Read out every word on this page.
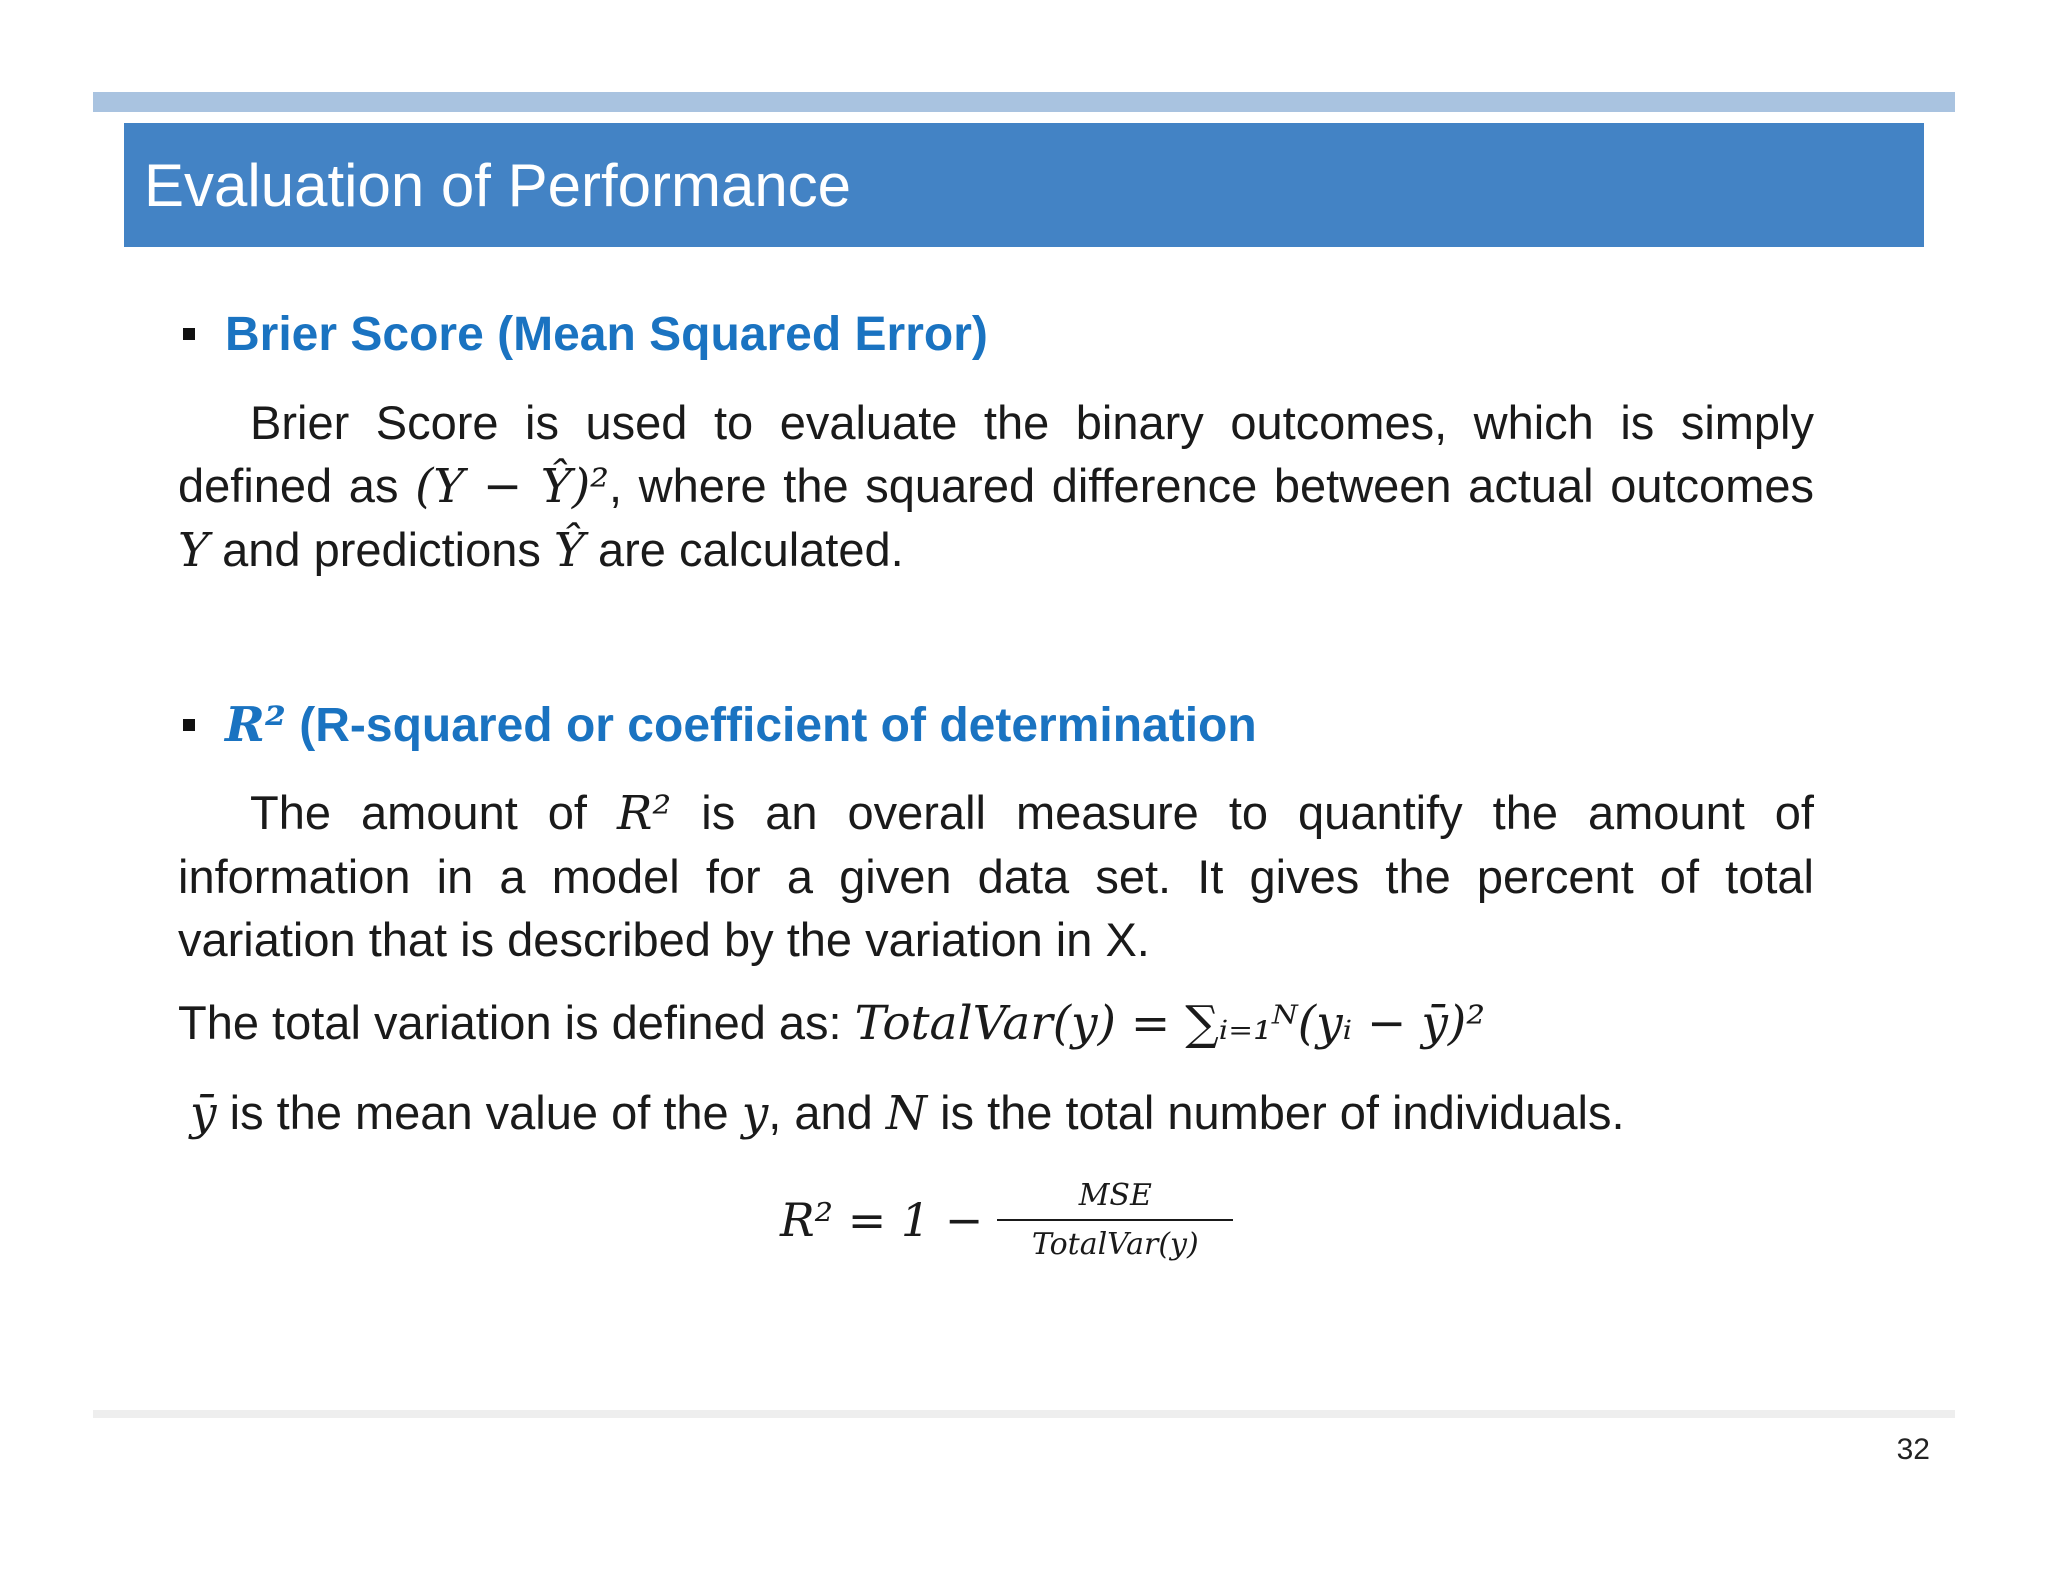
Evaluation of Performance
Brier Score (Mean Squared Error)
Brier Score is used to evaluate the binary outcomes, which is simply defined as (Y − Ŷ)², where the squared difference between actual outcomes Y and predictions Ŷ are calculated.
R² (R-squared or coefficient of determination
The amount of R² is an overall measure to quantify the amount of information in a model for a given data set. It gives the percent of total variation that is described by the variation in X.
The total variation is defined as: TotalVar(y) = ∑ᵢ₌₁ᴺ(yᵢ − ȳ)²
ȳ is the mean value of the y, and N is the total number of individuals.
$R^2 = 1 - \frac{\text{MSE}}{\text{TotalVar(y)}}$
32
